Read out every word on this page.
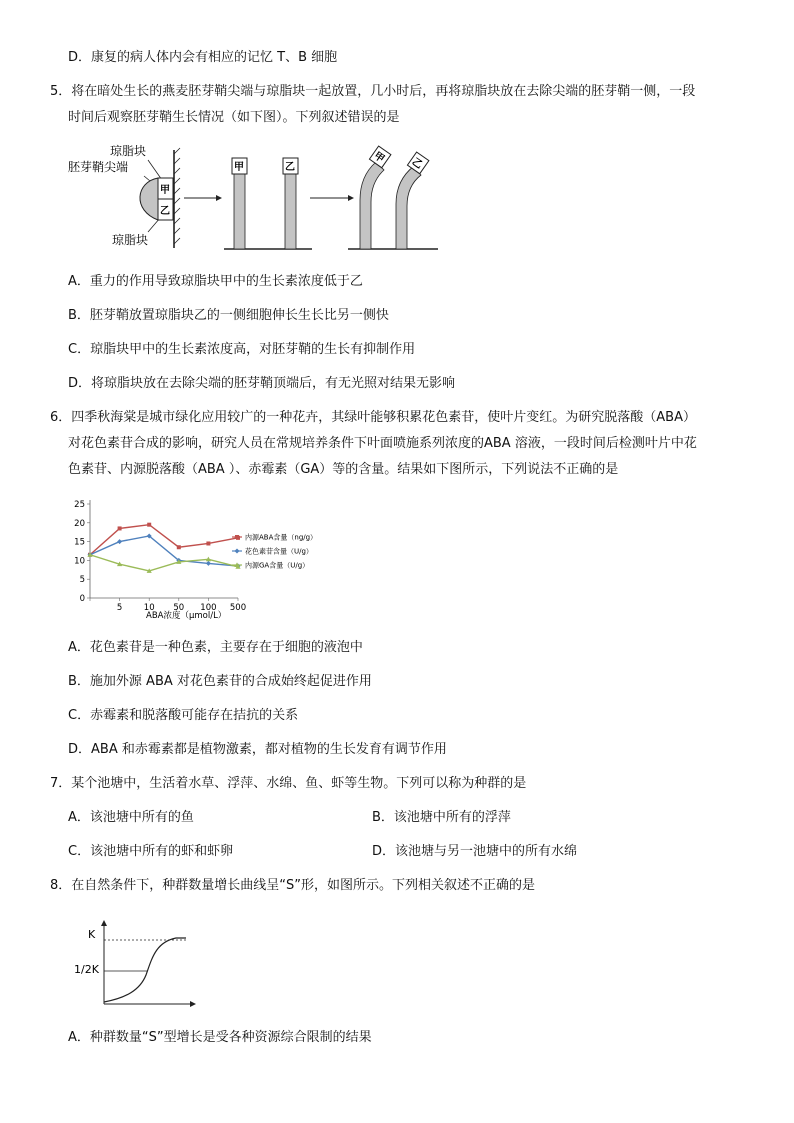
D．康复的病人体内会有相应的记忆 T、B 细胞
5．将在暗处生长的燕麦胚芽鞘尖端与琼脂块一起放置，几小时后，再将琼脂块放在去除尖端的胚芽鞘一侧，一段
时间后观察胚芽鞘生长情况（如下图）。下列叙述错误的是
琼脂块
胚芽鞘尖端
琼脂块
甲
乙
甲	乙
甲 乙
A．重力的作用导致琼脂块甲中的生长素浓度低于乙
B．胚芽鞘放置琼脂块乙的一侧细胞伸长生长比另一侧快
C．琼脂块甲中的生长素浓度高，对胚芽鞘的生长有抑制作用
D．将琼脂块放在去除尖端的胚芽鞘顶端后，有无光照对结果无影响
6．四季秋海棠是城市绿化应用较广的一种花卉，其绿叶能够积累花色素苷，使叶片变红。为研究脱落酸（ABA）
对花色素苷合成的影响，研究人员在常规培养条件下叶面喷施系列浓度的ABA 溶液，一段时间后检测叶片中花
色素苷、内源脱落酸（ABA ）、赤霉素（GA）等的含量。结果如下图所示，下列说法不正确的是
0
5
10
15
20
25
5	10 50 100 500
内源ABA含量（ng/g）
花色素苷含量（U/g）
内源GA含量（U/g）
ABA浓度（μmol/L）
A．花色素苷是一种色素，主要存在于细胞的液泡中
B．施加外源 ABA 对花色素苷的合成始终起促进作用
C．赤霉素和脱落酸可能存在拮抗的关系
D．ABA 和赤霉素都是植物激素，都对植物的生长发育有调节作用
7．某个池塘中，生活着水草、浮萍、水绵、鱼、虾等生物。下列可以称为种群的是
A．该池塘中所有的鱼	B．该池塘中所有的浮萍
C．该池塘中所有的虾和虾卵	D．该池塘与另一池塘中的所有水绵
8．在自然条件下，种群数量增长曲线呈“S”形，如图所示。下列相关叙述不正确的是
K
1/2K
A．种群数量“S”型增长是受各种资源综合限制的结果
